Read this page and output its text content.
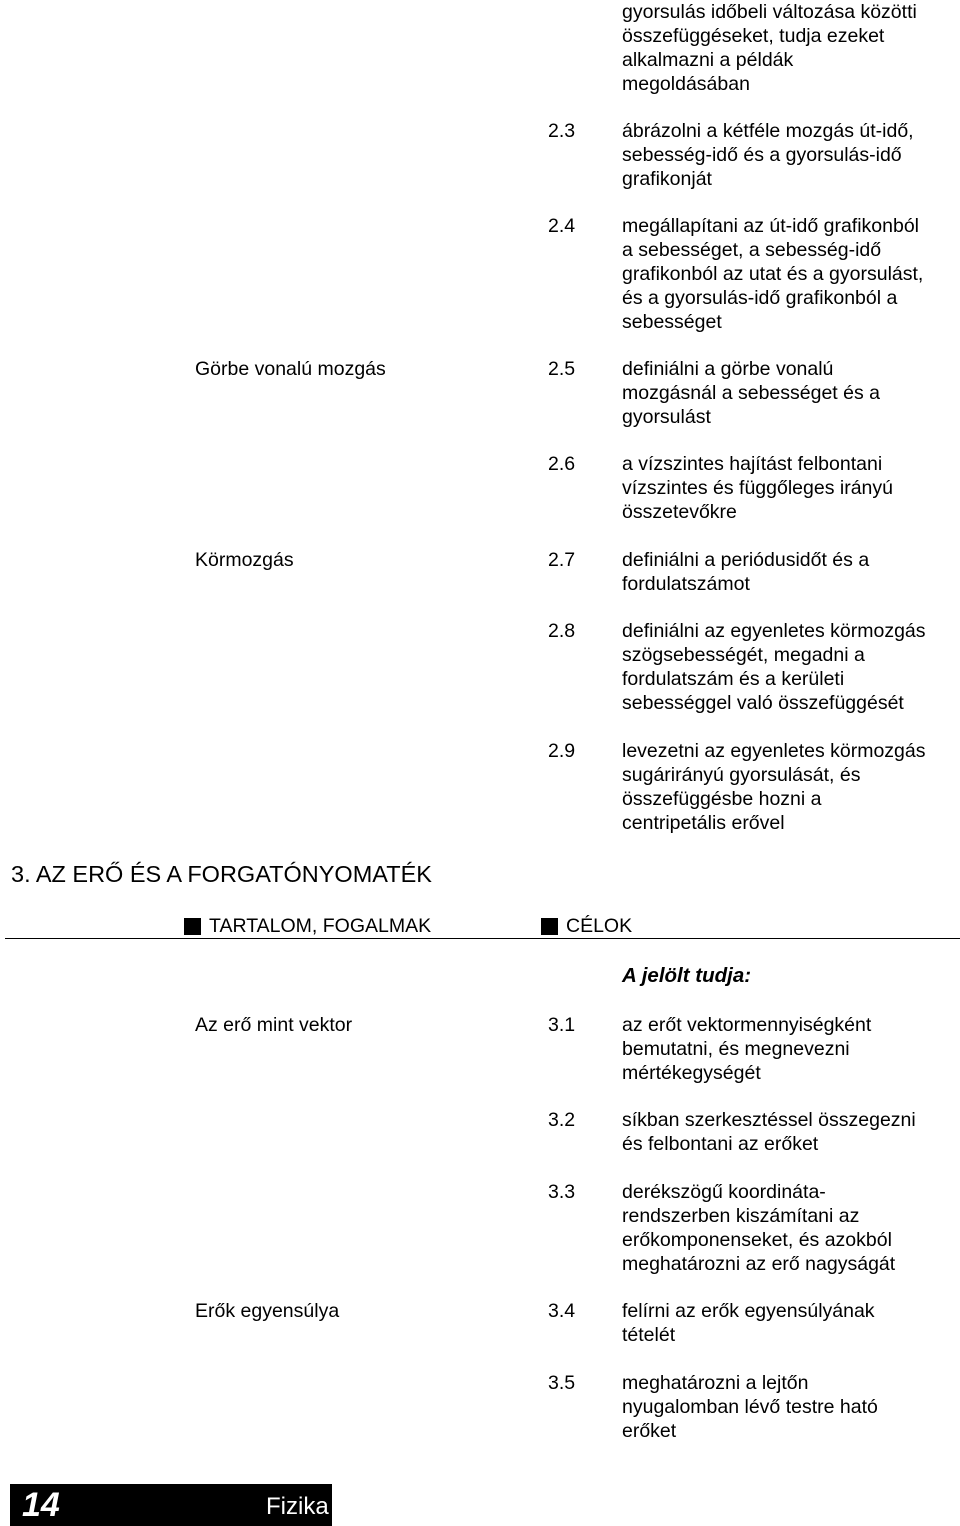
gyorsulás időbeli változása közötti
összefüggéseket, tudja ezeket
alkalmazni a példák
megoldásában
2.3 ábrázolni a kétféle mozgás út-idő,
sebesség-idő és a gyorsulás-idő
grafikonját
2.4 megállapítani az út-idő grafikonból
a sebességet, a sebesség-idő
grafikonból az utat és a gyorsulást,
és a gyorsulás-idő grafikonból a
sebességet
Görbe vonalú mozgás	2.5 definiálni a görbe vonalú
mozgásnál a sebességet és a
gyorsulást
2.6 a vízszintes hajítást felbontani
vízszintes és függőleges irányú
összetevőkre
Körmozgás	2.7 definiálni a periódusidőt és a
fordulatszámot
2.8 definiálni az egyenletes körmozgás
szögsebességét, megadni a
fordulatszám és a kerületi
sebességgel való összefüggését
2.9 levezetni az egyenletes körmozgás
sugárirányú gyorsulását, és
összefüggésbe hozni a
centripetális erővel
3. AZ ERŐ ÉS A FORGATÓNYOMATÉK
TARTALOM, FOGALMAK	CÉLOK
A jelölt tudja:
Az erő mint vektor	3.1 az erőt vektormennyiségként
bemutatni, és megnevezni
mértékegységét
3.2 síkban szerkesztéssel összegezni
és felbontani az erőket
3.3 derékszögű koordináta-
rendszerben kiszámítani az
erőkomponenseket, és azokból
meghatározni az erő nagyságát
Erők egyensúlya	3.4 felírni az erők egyensúlyának
tételét
3.5 meghatározni a lejtőn
nyugalomban lévő testre ható
erőket
14	Fizika
